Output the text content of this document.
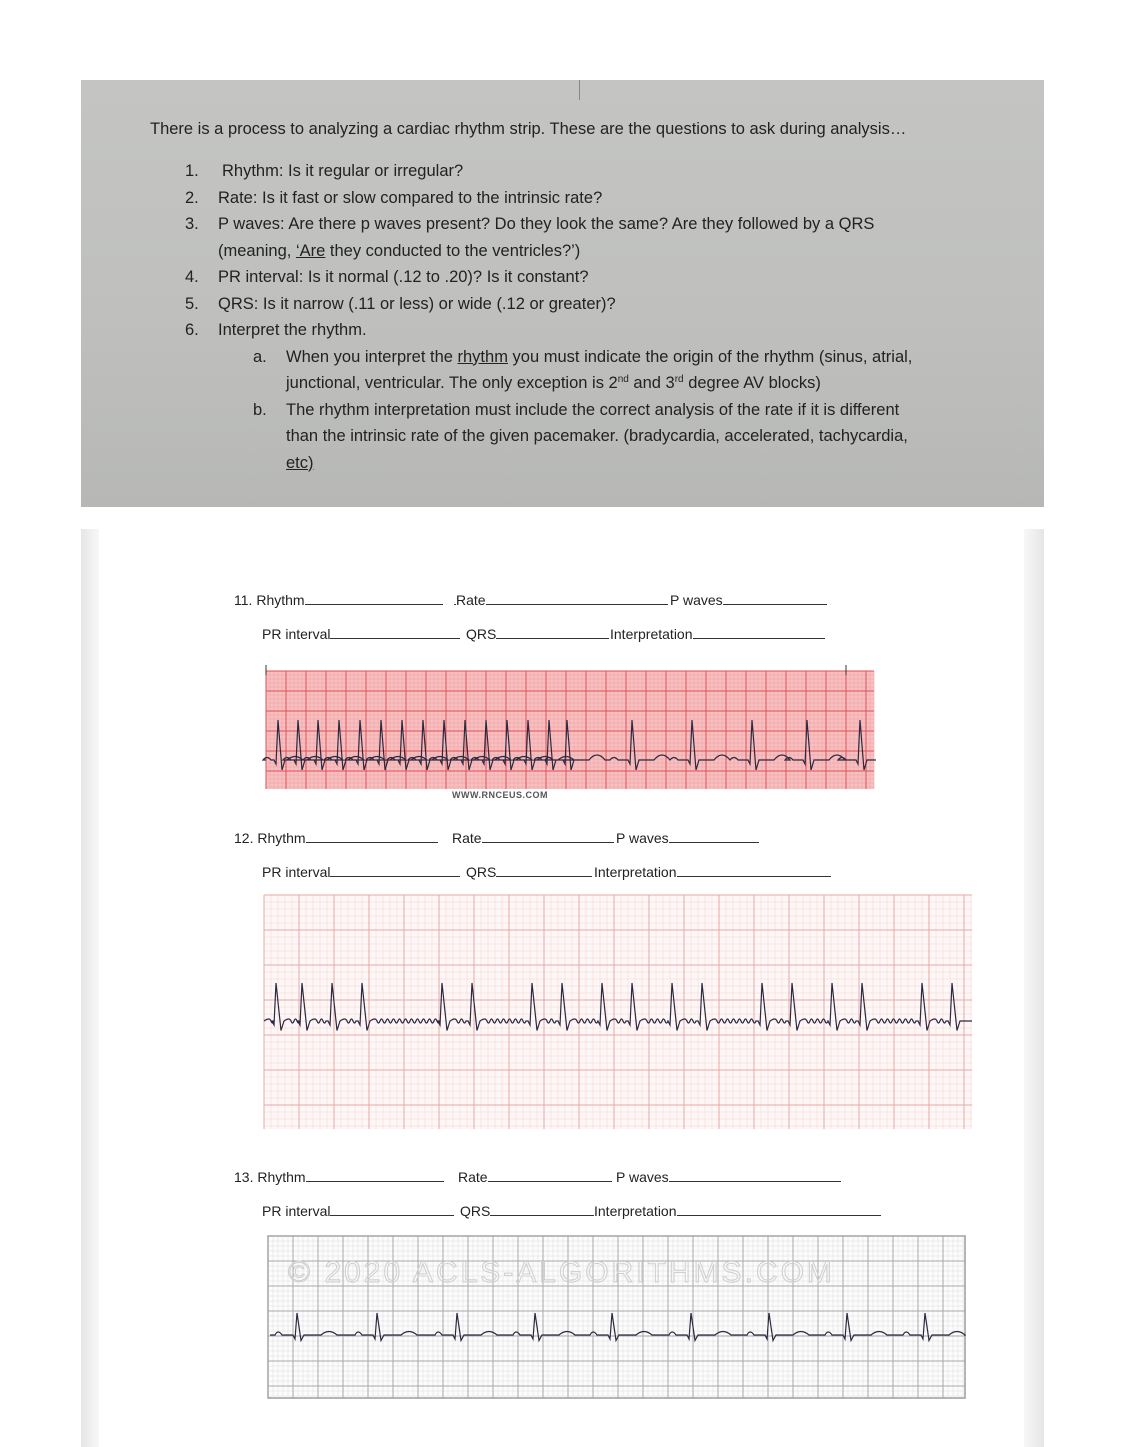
There is a process to analyzing a cardiac rhythm strip. These are the questions to ask during analysis…
1. Rhythm: Is it regular or irregular?
2. Rate: Is it fast or slow compared to the intrinsic rate?
3. P waves: Are there p waves present? Do they look the same? Are they followed by a QRS
(meaning, ‘Are they conducted to the ventricles?’)
4. PR interval: Is it normal (.12 to .20)? Is it constant?
5. QRS: Is it narrow (.11 or less) or wide (.12 or greater)?
6. Interpret the rhythm.
a. When you interpret the rhythm you must indicate the origin of the rhythm (sinus, atrial,
junctional, ventricular. The only exception is 2nd and 3rd degree AV blocks)
b. The rhythm interpretation must include the correct analysis of the rate if it is different
than the intrinsic rate of the given pacemaker. (bradycardia, accelerated, tachycardia,
etc)
11. Rhythm	Rate	P waves
PR interval	QRS	Interpretation
WWW.RNCEUS.COM
12. Rhythm	Rate	P waves
PR interval	QRS	Interpretation
13. Rhythm	Rate	P waves
PR interval	QRS	Interpretation
© 2020 ACLS-ALGORITHMS.COM
